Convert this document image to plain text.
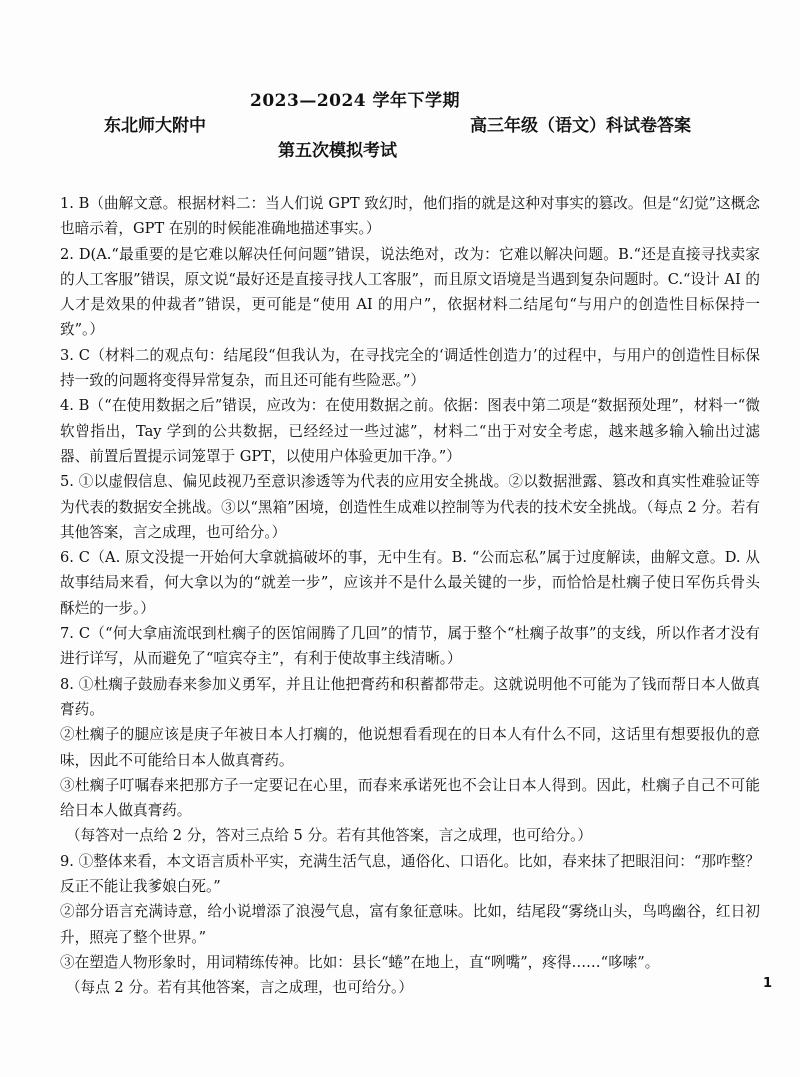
2023—2024 学年下学期
东北师大附中	高三年级（语文）科试卷答案
第五次模拟考试

1. B（曲解文意。根据材料二：当人们说 GPT 致幻时，他们指的就是这种对事实的篡改。但是“幻觉”这概念也暗示着，GPT 在别的时候能准确地描述事实。）

2. D(A.“最重要的是它难以解决任何问题”错误，说法绝对，改为：它难以解决问题。B.“还是直接寻找卖家的人工客服”错误，原文说“最好还是直接寻找人工客服”，而且原文语境是当遇到复杂问题时。C.“设计 AI 的人才是效果的仲裁者”错误，更可能是“使用 AI 的用户”，依据材料二结尾句“与用户的创造性目标保持一致”。）

3. C（材料二的观点句：结尾段“但我认为，在寻找完全的‘调适性创造力’的过程中，与用户的创造性目标保持一致的问题将变得异常复杂，而且还可能有些险恶。”）

4. B（“在使用数据之后”错误，应改为：在使用数据之前。依据：图表中第二项是“数据预处理”，材料一“微软曾指出，Tay 学到的公共数据，已经经过一些过滤”，材料二“出于对安全考虑，越来越多输入输出过滤器、前置后置提示词笼罩于 GPT，以使用户体验更加干净。”）

5. ①以虚假信息、偏见歧视乃至意识渗透等为代表的应用安全挑战。②以数据泄露、篡改和真实性难验证等为代表的数据安全挑战。③以“黑箱”困境，创造性生成难以控制等为代表的技术安全挑战。（每点 2 分。若有其他答案，言之成理，也可给分。）

6. C（A. 原文没提一开始何大拿就搞破坏的事，无中生有。B. “公而忘私”属于过度解读，曲解文意。D. 从故事结局来看，何大拿以为的“就差一步”，应该并不是什么最关键的一步，而恰恰是杜瘸子使日军伤兵骨头酥烂的一步。）

7. C（“何大拿庙流氓到杜瘸子的医馆闹腾了几回”的情节，属于整个“杜瘸子故事”的支线，所以作者才没有进行详写，从而避免了“喧宾夺主”，有利于使故事主线清晰。）

8. ①杜瘸子鼓励春来参加义勇军，并且让他把膏药和积蓄都带走。这就说明他不可能为了钱而帮日本人做真膏药。

②杜瘸子的腿应该是庚子年被日本人打瘸的，他说想看看现在的日本人有什么不同，这话里有想要报仇的意味，因此不可能给日本人做真膏药。

③杜瘸子叮嘱春来把那方子一定要记在心里，而春来承诺死也不会让日本人得到。因此，杜瘸子自己不可能给日本人做真膏药。

（每答对一点给 2 分，答对三点给 5 分。若有其他答案，言之成理，也可给分。）

9. ①整体来看，本文语言质朴平实，充满生活气息，通俗化、口语化。比如，春来抹了把眼泪问：“那咋整？反正不能让我爹娘白死。”

②部分语言充满诗意，给小说增添了浪漫气息，富有象征意味。比如，结尾段“雾绕山头，鸟鸣幽谷，红日初升，照亮了整个世界。”

③在塑造人物形象时，用词精练传神。比如：县长“蜷”在地上，直“咧嘴”，疼得……“哆嗦”。

（每点 2 分。若有其他答案，言之成理，也可给分。）	1
